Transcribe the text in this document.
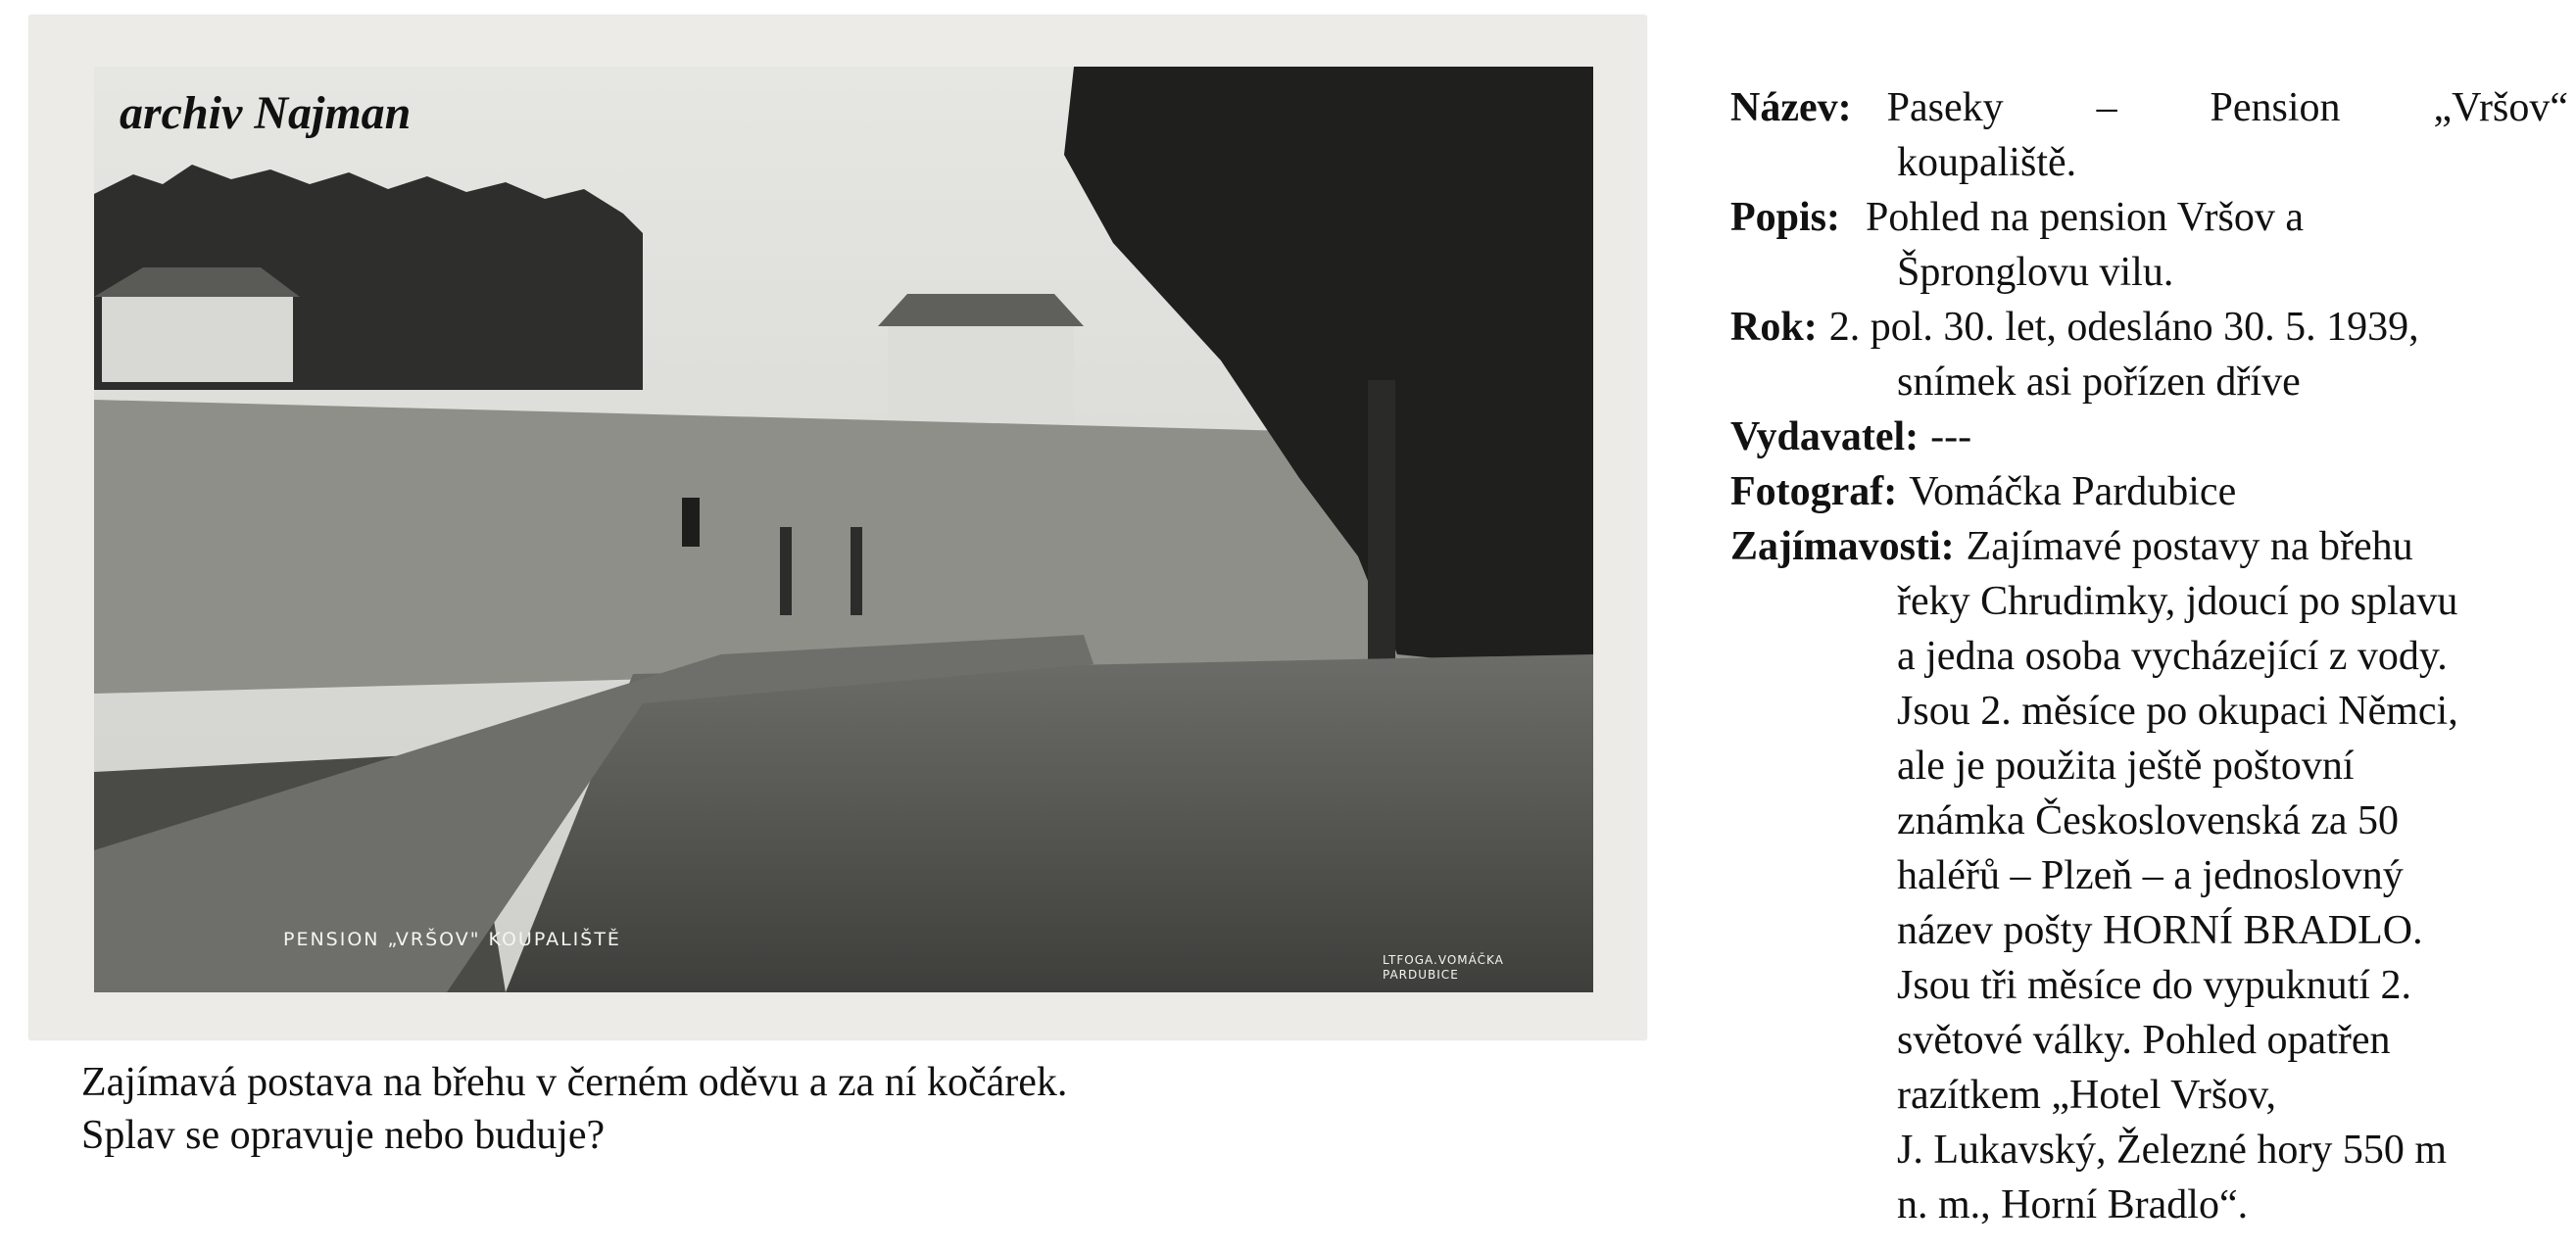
PENSION „VRŠOV" KOUPALIŠTĚ
LTFOGA.VOMÁČKA
PARDUBICE
archiv Najman
Zajímavá postava na břehu v černém oděvu a za ní kočárek.
Splav se opravuje nebo buduje?
Název: Paseky – Pension „Vršov“
koupaliště.
Popis: Pohled na pension Vršov a
Špronglovu vilu.
Rok: 2. pol. 30. let, odesláno 30. 5. 1939,
snímek asi pořízen dříve
Vydavatel: ---
Fotograf: Vomáčka Pardubice
Zajímavosti: Zajímavé postavy na břehu
řeky Chrudimky, jdoucí po splavu
a jedna osoba vycházející z vody.
Jsou 2. měsíce po okupaci Němci,
ale je použita ještě poštovní
známka Československá za 50
haléřů – Plzeň – a jednoslovný
název pošty HORNÍ BRADLO.
Jsou tři měsíce do vypuknutí 2.
světové války. Pohled opatřen
razítkem „Hotel Vršov,
J. Lukavský, Železné hory 550 m
n. m., Horní Bradlo“.
